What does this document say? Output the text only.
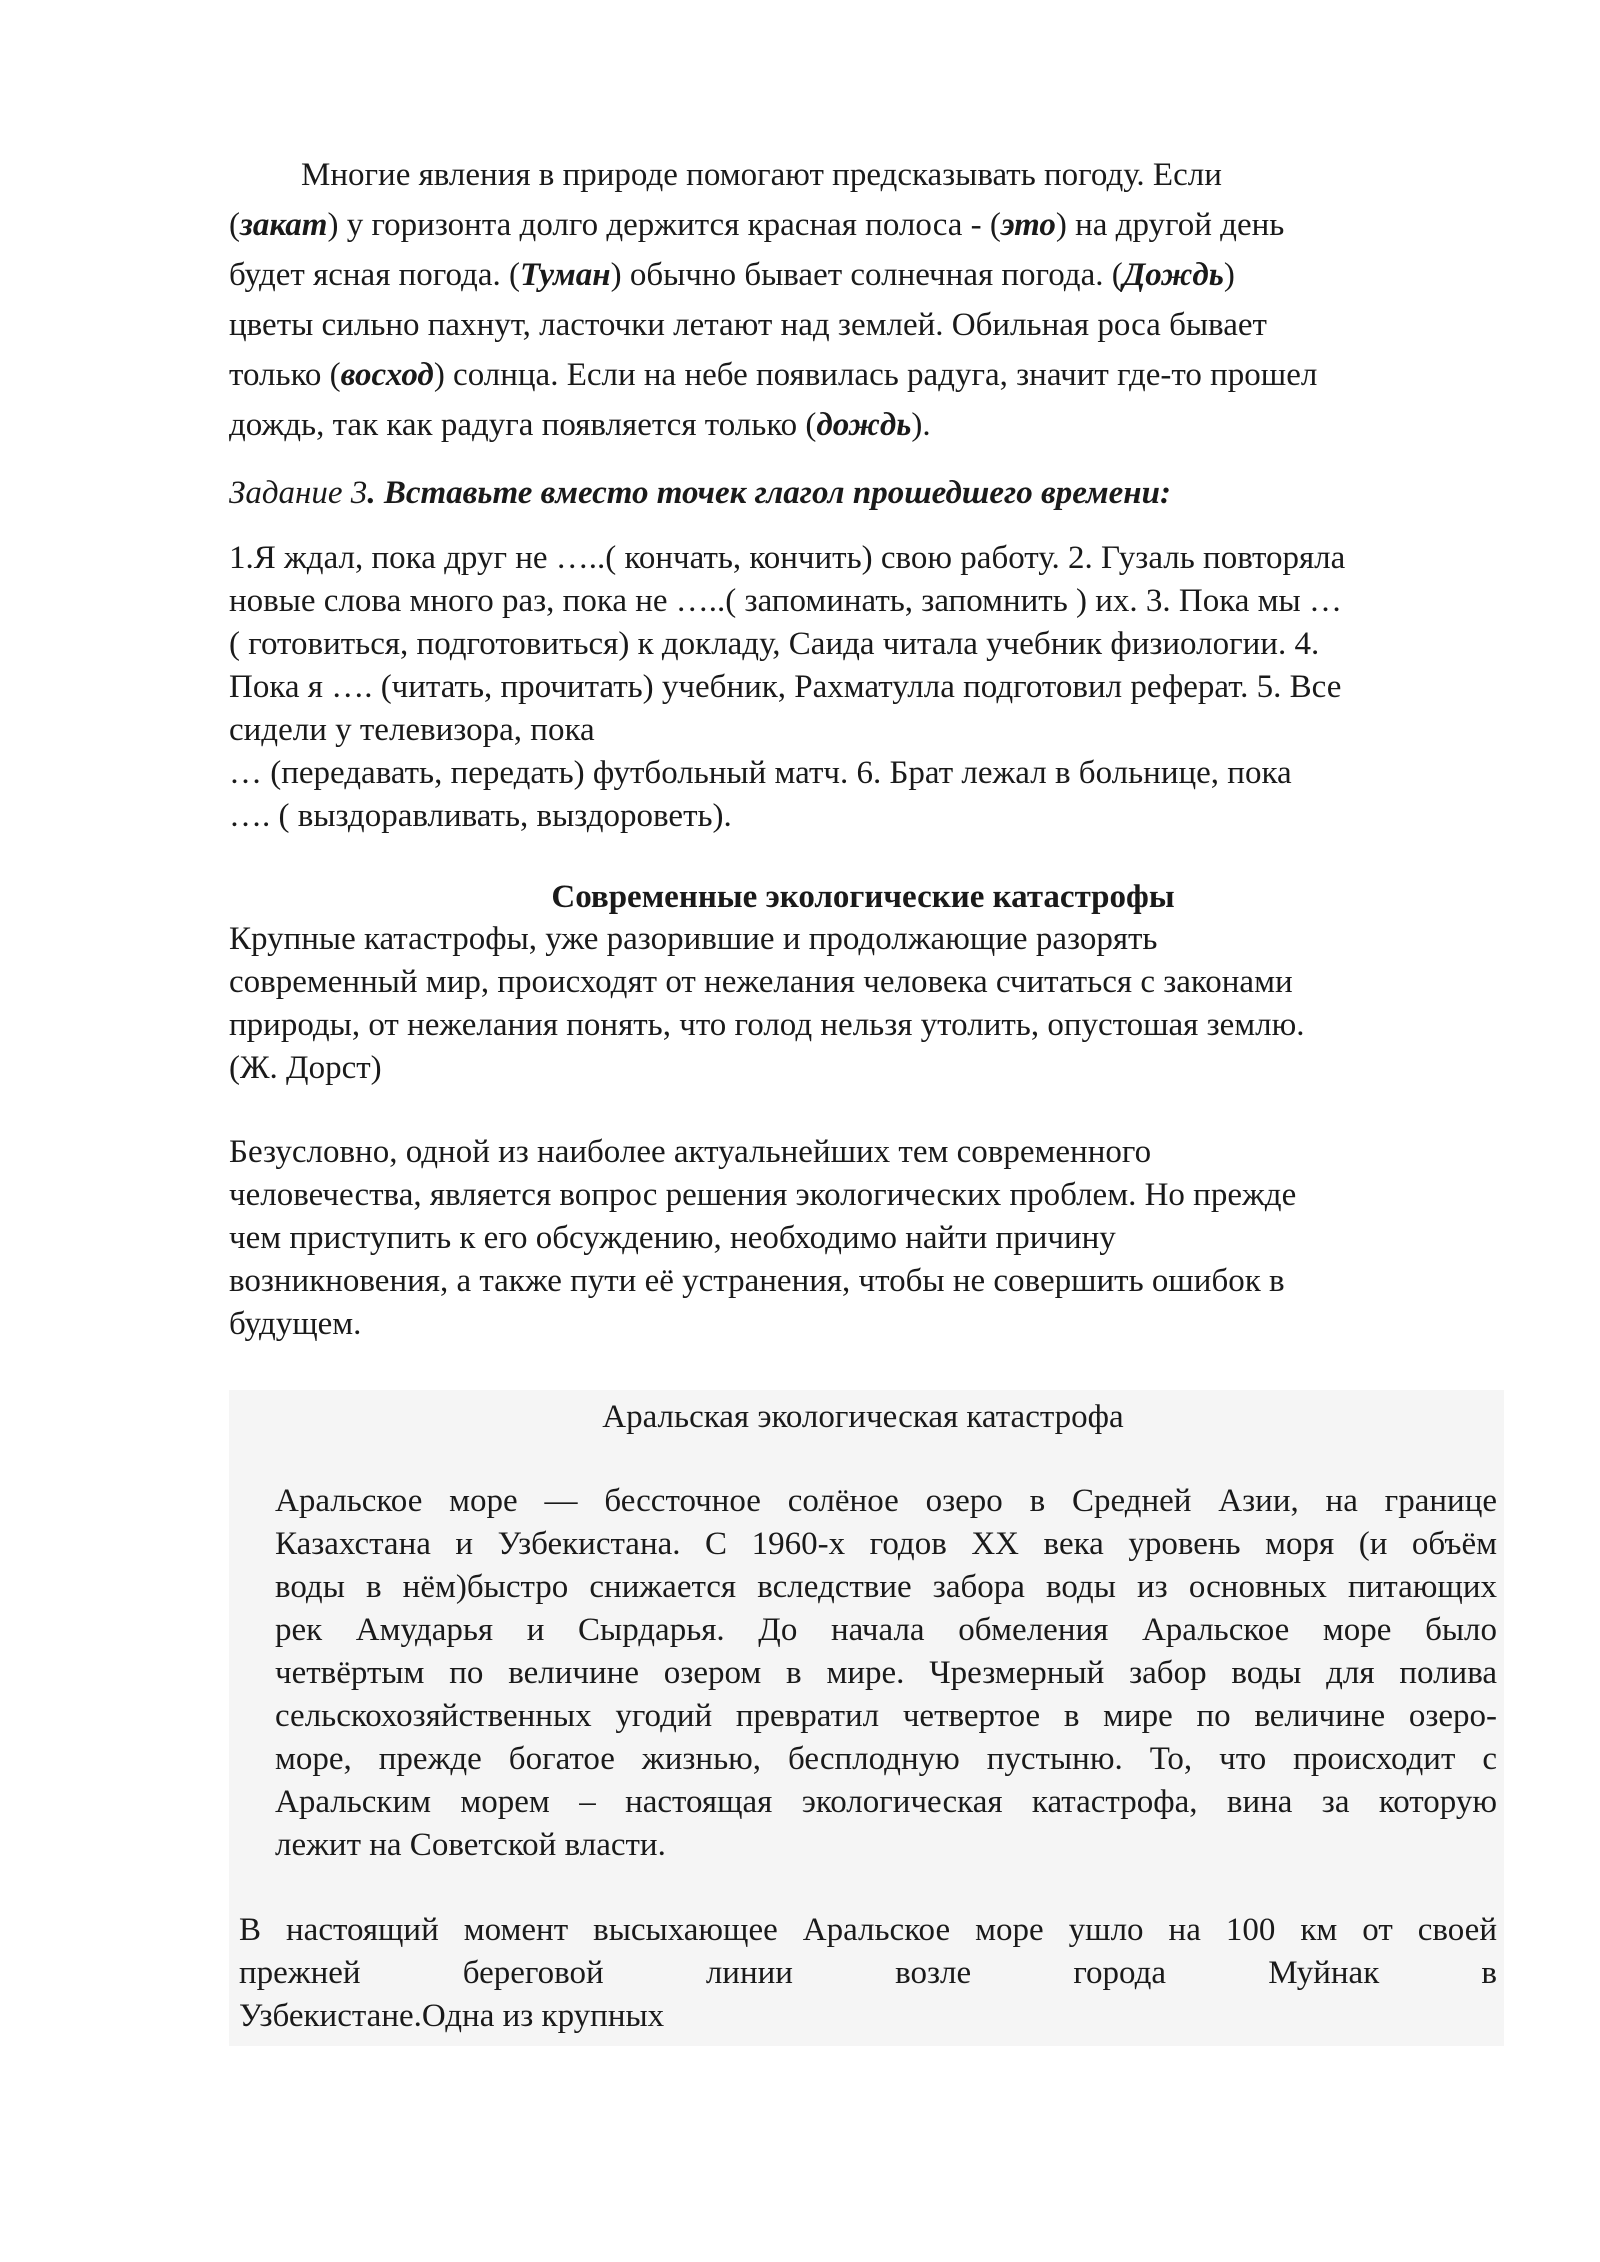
Многие явления в природе помогают предсказывать погоду. Если
(закат) у горизонта долго держится красная полоса - (это) на другой день
будет ясная погода. (Туман) обычно бывает солнечная погода. (Дождь)
цветы сильно пахнут, ласточки летают над землей. Обильная роса бывает
только (восход) солнца. Если на небе появилась радуга, значит где-то прошел
дождь, так как радуга появляется только (дождь).

Задание 3. Вставьте вместо точек глагол прошедшего времени:

1.Я ждал, пока друг не …..( кончать, кончить) свою работу. 2. Гузаль повторяла
новые слова много раз, пока не …..( запоминать, запомнить ) их. 3. Пока мы …
( готовиться, подготовиться) к докладу, Саида читала учебник физиологии. 4.
Пока я …. (читать, прочитать) учебник, Рахматулла подготовил реферат. 5. Все
сидели у телевизора, пока
… (передавать, передать) футбольный матч. 6. Брат лежал в больнице, пока
…. ( выздоравливать, выздороветь).

Современные экологические катастрофы

Крупные катастрофы, уже разорившие и продолжающие разорять
современный мир, происходят от нежелания человека считаться с законами
природы, от нежелания понять, что голод нельзя утолить, опустошая землю.
(Ж. Дорст)

Безусловно, одной из наиболее актуальнейших тем современного
человечества, является вопрос решения экологических проблем. Но прежде
чем приступить к его обсуждению, необходимо найти причину
возникновения, а также пути её устранения, чтобы не совершить ошибок в
будущем.

Аральская экологическая катастрофа

Аральское море — бессточное солёное озеро в Средней Азии, на границе
Казахстана и Узбекистана. С 1960-х годов XX века уровень моря (и объём
воды в нём)быстро снижается вследствие забора воды из основных питающих
рек Амударья и Сырдарья. До начала обмеления Аральское море было
четвёртым по величине озером в мире. Чрезмерный забор воды для полива
сельскохозяйственных угодий превратил четвертое в мире по величине озеро-
море, прежде богатое жизнью, бесплодную пустыню. То, что происходит с
Аральским морем – настоящая экологическая катастрофа, вина за которую
лежит на Советской власти.

В настоящий момент высыхающее Аральское море ушло на 100 км от своей
прежней береговой линии возле города Муйнак в
Узбекистане.Одна из крупных
